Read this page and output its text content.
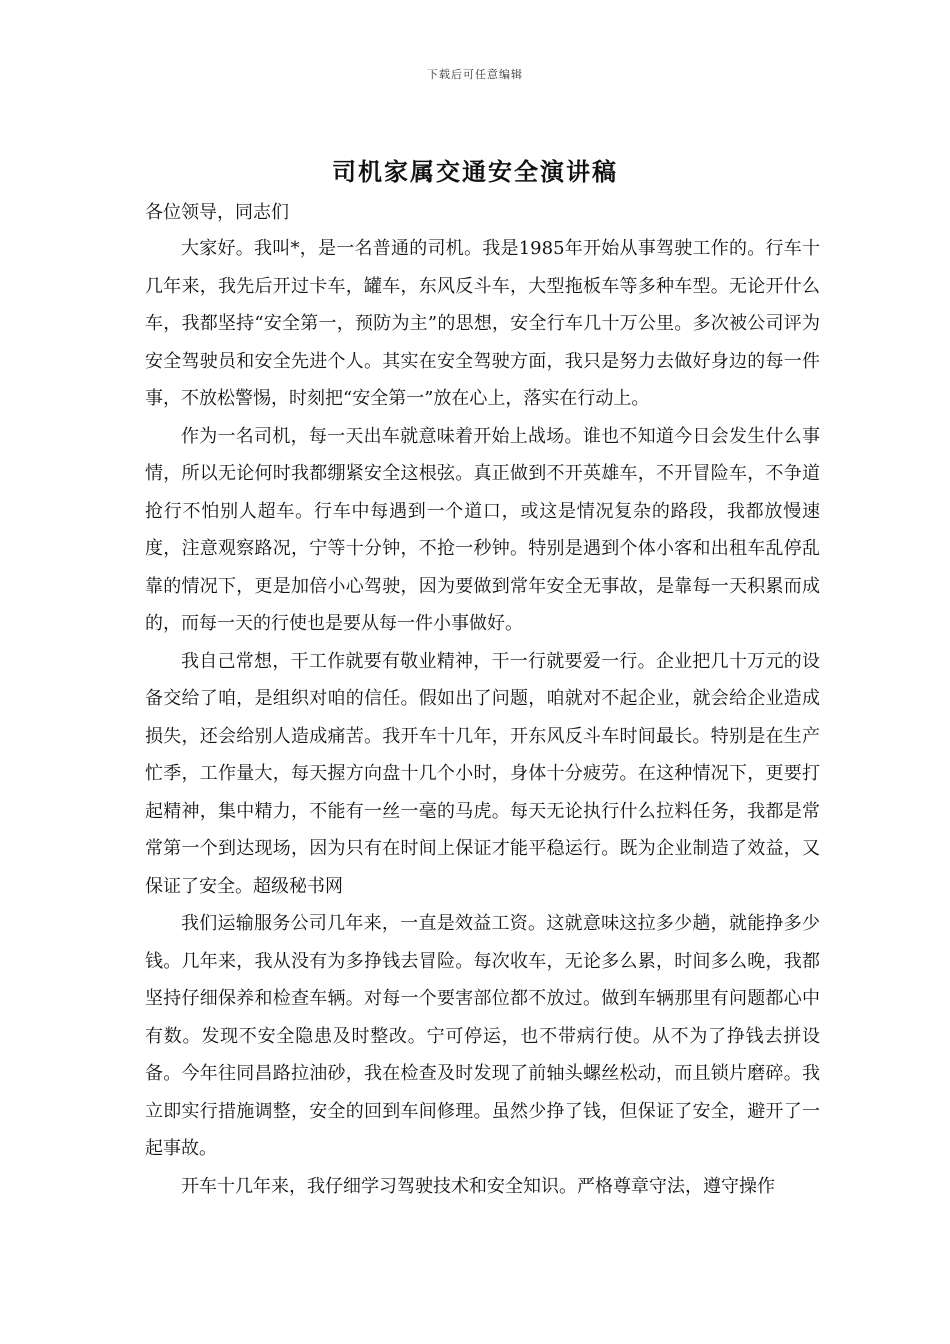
下载后可任意编辑
司机家属交通安全演讲稿

各位领导，同志们

大家好。我叫*，是一名普通的司机。我是1985年开始从事驾驶工作的。行车十几年来，我先后开过卡车，罐车，东风反斗车，大型拖板车等多种车型。无论开什么车，我都坚持“安全第一，预防为主”的思想，安全行车几十万公里。多次被公司评为安全驾驶员和安全先进个人。其实在安全驾驶方面，我只是努力去做好身边的每一件事，不放松警惕，时刻把“安全第一”放在心上，落实在行动上。

作为一名司机，每一天出车就意味着开始上战场。谁也不知道今日会发生什么事情，所以无论何时我都绷紧安全这根弦。真正做到不开英雄车，不开冒险车，不争道抢行不怕别人超车。行车中每遇到一个道口，或这是情况复杂的路段，我都放慢速度，注意观察路况，宁等十分钟，不抢一秒钟。特别是遇到个体小客和出租车乱停乱靠的情况下，更是加倍小心驾驶，因为要做到常年安全无事故，是靠每一天积累而成的，而每一天的行使也是要从每一件小事做好。

我自己常想，干工作就要有敬业精神，干一行就要爱一行。企业把几十万元的设备交给了咱，是组织对咱的信任。假如出了问题，咱就对不起企业，就会给企业造成损失，还会给别人造成痛苦。我开车十几年，开东风反斗车时间最长。特别是在生产忙季，工作量大，每天握方向盘十几个小时，身体十分疲劳。在这种情况下，更要打起精神，集中精力，不能有一丝一毫的马虎。每天无论执行什么拉料任务，我都是常常第一个到达现场，因为只有在时间上保证才能平稳运行。既为企业制造了效益，又保证了安全。超级秘书网

我们运输服务公司几年来，一直是效益工资。这就意味这拉多少趟，就能挣多少钱。几年来，我从没有为多挣钱去冒险。每次收车，无论多么累，时间多么晚，我都坚持仔细保养和检查车辆。对每一个要害部位都不放过。做到车辆那里有问题都心中有数。发现不安全隐患及时整改。宁可停运，也不带病行使。从不为了挣钱去拼设备。今年往同昌路拉油砂，我在检查及时发现了前轴头螺丝松动，而且锁片磨碎。我立即实行措施调整，安全的回到车间修理。虽然少挣了钱，但保证了安全，避开了一起事故。

开车十几年来，我仔细学习驾驶技术和安全知识。严格尊章守法，遵守操作
